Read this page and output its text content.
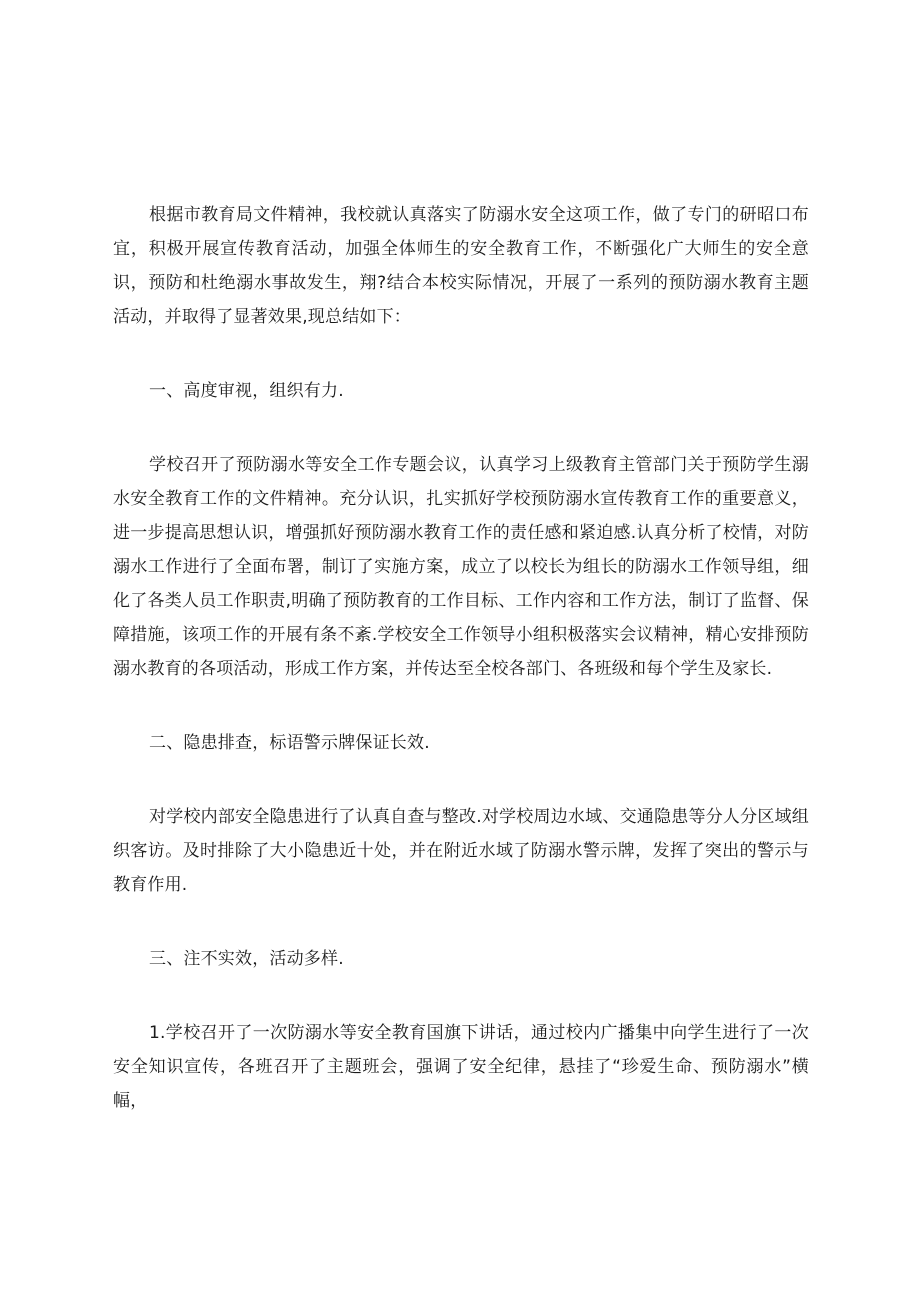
根据市教育局文件精神，我校就认真落实了防溺水安全这项工作，做了专门的研昭口布宜，积极开展宣传教育活动，加强全体师生的安全教育工作，不断强化广大师生的安全意识，预防和杜绝溺水事故发生，翔?结合本校实际情况，开展了一系列的预防溺水教育主题活动，并取得了显著效果,现总结如下：

一、高度审视，组织有力.

学校召开了预防溺水等安全工作专题会议，认真学习上级教育主管部门关于预防学生溺水安全教育工作的文件精神。充分认识，扎实抓好学校预防溺水宣传教育工作的重要意义，进一步提高思想认识，增强抓好预防溺水教育工作的责任感和紧迫感.认真分析了校情，对防溺水工作进行了全面布署，制订了实施方案，成立了以校长为组长的防溺水工作领导组，细化了各类人员工作职责,明确了预防教育的工作目标、工作内容和工作方法，制订了监督、保障措施，该项工作的开展有条不紊.学校安全工作领导小组积极落实会议精神，精心安排预防溺水教育的各项活动，形成工作方案，并传达至全校各部门、各班级和每个学生及家长.

二、隐患排查，标语警示牌保证长效.

对学校内部安全隐患进行了认真自查与整改.对学校周边水域、交通隐患等分人分区域组织客访。及时排除了大小隐患近十处，并在附近水域了防溺水警示牌，发挥了突出的警示与教育作用.

三、注不实效，活动多样.

1.学校召开了一次防溺水等安全教育国旗下讲话，通过校内广播集中向学生进行了一次安全知识宣传，各班召开了主题班会，强调了安全纪律，悬挂了“珍爱生命、预防溺水”横幅，
